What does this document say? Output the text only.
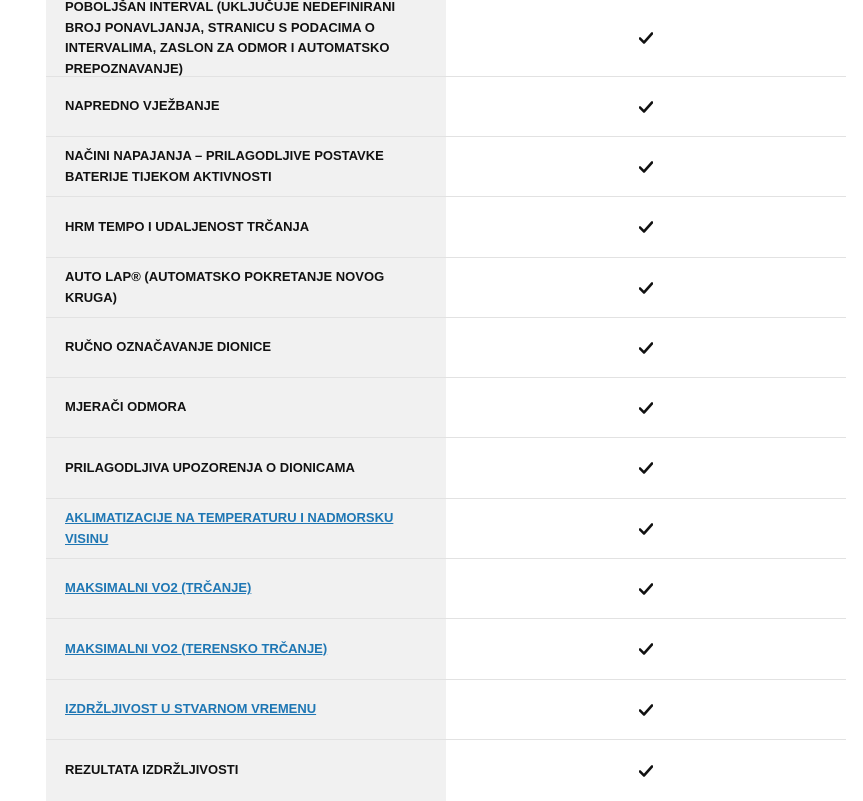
POBOLJŠAN INTERVAL (UKLJUČUJE NEDEFINIRANI BROJ PONAVLJANJA, STRANICU S PODACIMA O INTERVALIMA, ZASLON ZA ODMOR I AUTOMATSKO PREPOZNAVANJE)
NAPREDNO VJEŽBANJE
NAČINI NAPAJANJA – PRILAGODLJIVE POSTAVKE BATERIJE TIJEKOM AKTIVNOSTI
HRM TEMPO I UDALJENOST TRČANJA
AUTO LAP® (AUTOMATSKO POKRETANJE NOVOG KRUGA)
RUČNO OZNAČAVANJE DIONICE
MJERAČI ODMORA
PRILAGODLJIVA UPOZORENJA O DIONICAMA
AKLIMATIZACIJE NA TEMPERATURU I NADMORSKU VISINU
MAKSIMALNI VO2 (TRČANJE)
MAKSIMALNI VO2 (TERENSKO TRČANJE)
IZDRŽLJIVOST U STVARNOM VREMENU
REZULTATA IZDRŽLJIVOSTI
